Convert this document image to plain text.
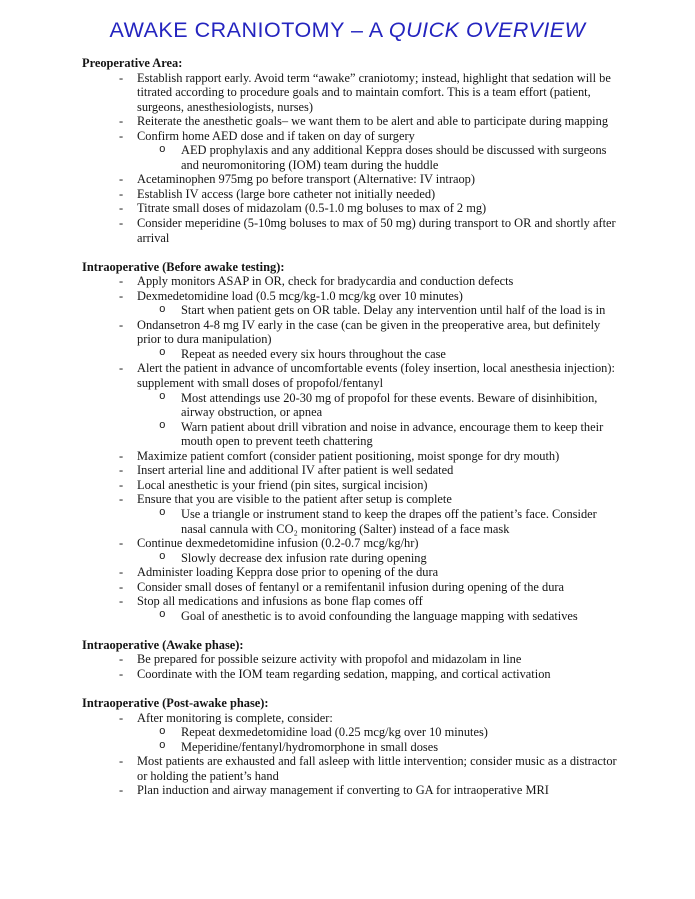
AWAKE CRANIOTOMY – A QUICK OVERVIEW
Preoperative Area:
- Establish rapport early. Avoid term “awake” craniotomy; instead, highlight that sedation will be titrated according to procedure goals and to maintain comfort. This is a team effort (patient, surgeons, anesthesiologists, nurses)
- Reiterate the anesthetic goals– we want them to be alert and able to participate during mapping
- Confirm home AED dose and if taken on day of surgery
o AED prophylaxis and any additional Keppra doses should be discussed with surgeons and neuromonitoring (IOM) team during the huddle
- Acetaminophen 975mg po before transport (Alternative: IV intraop)
- Establish IV access (large bore catheter not initially needed)
- Titrate small doses of midazolam (0.5-1.0 mg boluses to max of 2 mg)
- Consider meperidine (5-10mg boluses to max of 50 mg) during transport to OR and shortly after arrival
Intraoperative (Before awake testing):
- Apply monitors ASAP in OR, check for bradycardia and conduction defects
- Dexmedetomidine load (0.5 mcg/kg-1.0 mcg/kg over 10 minutes)
o Start when patient gets on OR table. Delay any intervention until half of the load is in
- Ondansetron 4-8 mg IV early in the case (can be given in the preoperative area, but definitely prior to dura manipulation)
o Repeat as needed every six hours throughout the case
- Alert the patient in advance of uncomfortable events (foley insertion, local anesthesia injection): supplement with small doses of propofol/fentanyl
o Most attendings use 20-30 mg of propofol for these events. Beware of disinhibition, airway obstruction, or apnea
o Warn patient about drill vibration and noise in advance, encourage them to keep their mouth open to prevent teeth chattering
- Maximize patient comfort (consider patient positioning, moist sponge for dry mouth)
- Insert arterial line and additional IV after patient is well sedated
- Local anesthetic is your friend (pin sites, surgical incision)
- Ensure that you are visible to the patient after setup is complete
o Use a triangle or instrument stand to keep the drapes off the patient’s face. Consider nasal cannula with CO₂ monitoring (Salter) instead of a face mask
- Continue dexmedetomidine infusion (0.2-0.7 mcg/kg/hr)
o Slowly decrease dex infusion rate during opening
- Administer loading Keppra dose prior to opening of the dura
- Consider small doses of fentanyl or a remifentanil infusion during opening of the dura
- Stop all medications and infusions as bone flap comes off
o Goal of anesthetic is to avoid confounding the language mapping with sedatives
Intraoperative (Awake phase):
- Be prepared for possible seizure activity with propofol and midazolam in line
- Coordinate with the IOM team regarding sedation, mapping, and cortical activation
Intraoperative (Post-awake phase):
- After monitoring is complete, consider:
o Repeat dexmedetomidine load (0.25 mcg/kg over 10 minutes)
o Meperidine/fentanyl/hydromorphone in small doses
- Most patients are exhausted and fall asleep with little intervention; consider music as a distractor or holding the patient’s hand
- Plan induction and airway management if converting to GA for intraoperative MRI
